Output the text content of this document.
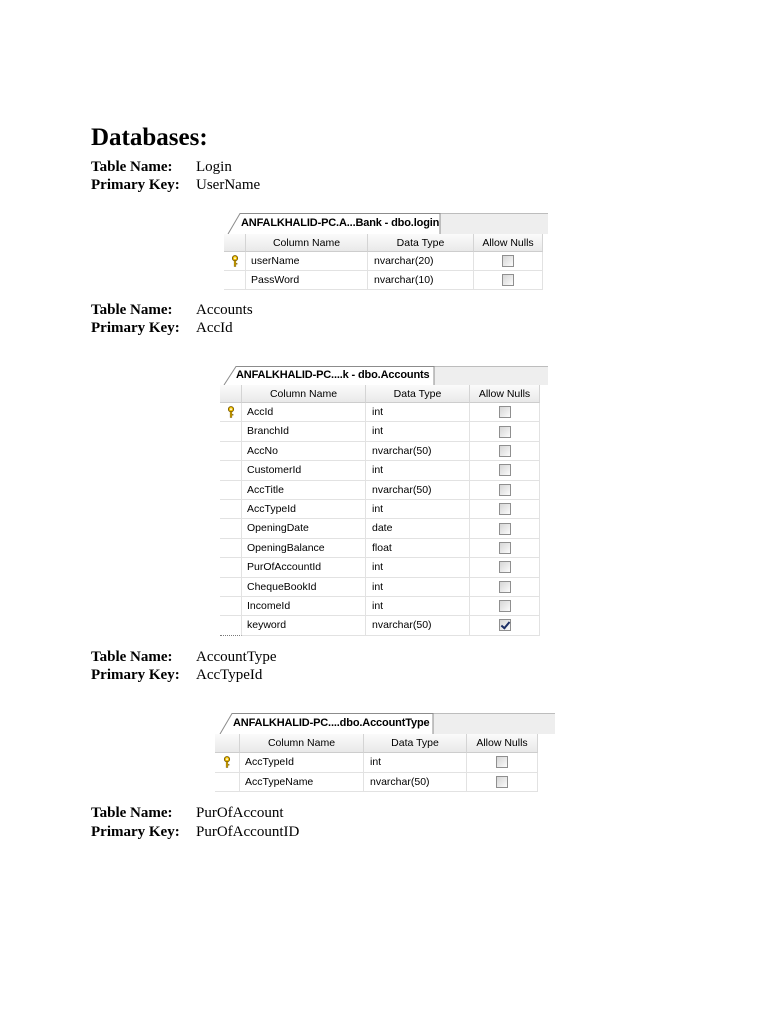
Databases:
Table Name: Login
Primary Key: UserName
ANFALKHALID-PC.A...Bank - dbo.login
Column Name	Data Type	Allow Nulls
userName	nvarchar(20)
PassWord	nvarchar(10)
Table Name: Accounts
Primary Key: AccId
ANFALKHALID-PC....k - dbo.Accounts
Column Name	Data Type	Allow Nulls
AccId	int
BranchId	int
AccNo	nvarchar(50)
CustomerId	int
AccTitle	nvarchar(50)
AccTypeId	int
OpeningDate	date
OpeningBalance	float
PurOfAccountId	int
ChequeBookId	int
IncomeId	int
keyword	nvarchar(50)
Table Name: AccountType
Primary Key: AccTypeId
ANFALKHALID-PC....dbo.AccountType
Column Name	Data Type	Allow Nulls
AccTypeId	int
AccTypeName	nvarchar(50)
Table Name: PurOfAccount
Primary Key: PurOfAccountID
